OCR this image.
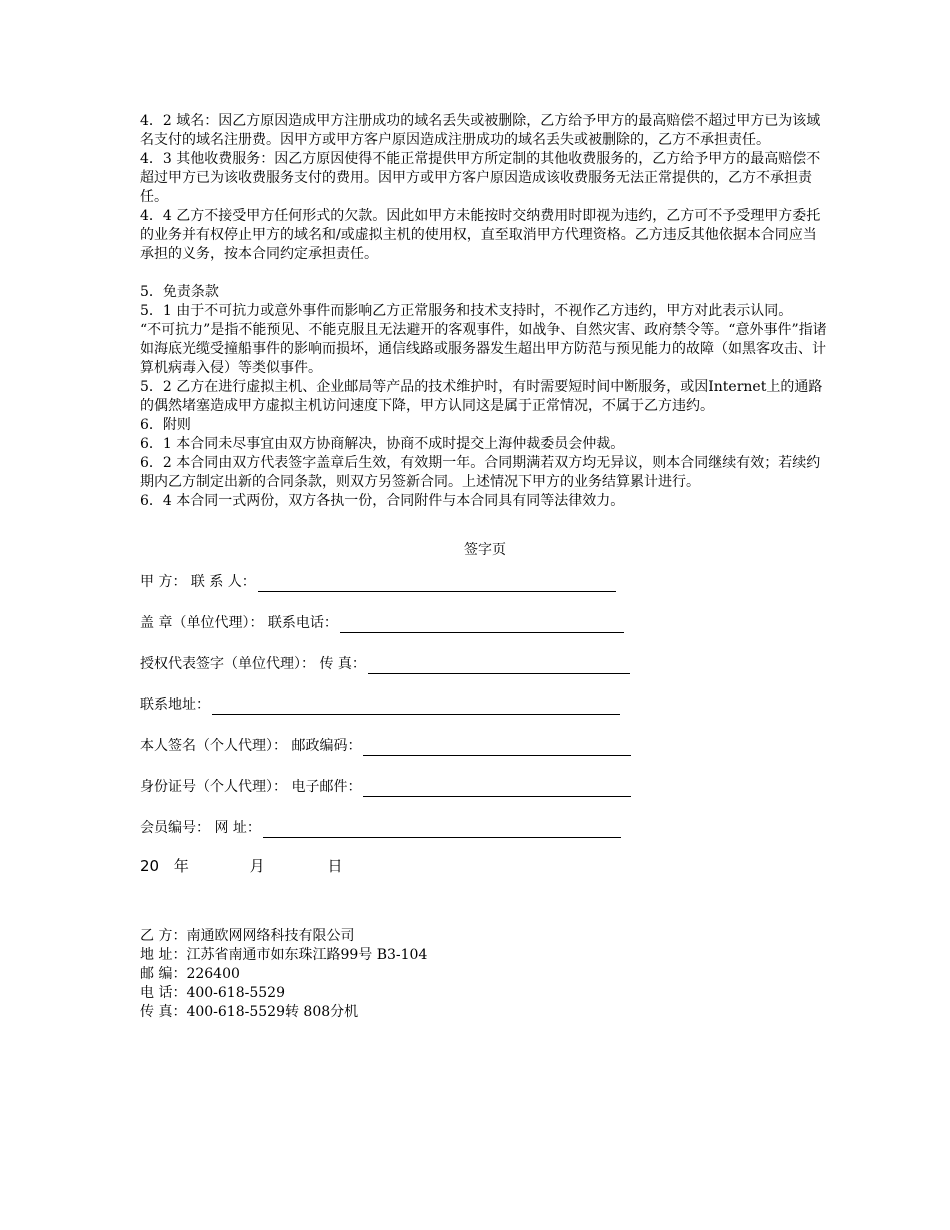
4．2 域名：因乙方原因造成甲方注册成功的域名丢失或被删除，乙方给予甲方的最高赔偿不超过甲方已为该域名支付的域名注册费。因甲方或甲方客户原因造成注册成功的域名丢失或被删除的，乙方不承担责任。

4．3 其他收费服务：因乙方原因使得不能正常提供甲方所定制的其他收费服务的，乙方给予甲方的最高赔偿不超过甲方已为该收费服务支付的费用。因甲方或甲方客户原因造成该收费服务无法正常提供的，乙方不承担责任。

4．4 乙方不接受甲方任何形式的欠款。因此如甲方未能按时交纳费用时即视为违约，乙方可不予受理甲方委托的业务并有权停止甲方的域名和/或虚拟主机的使用权，直至取消甲方代理资格。乙方违反其他依据本合同应当承担的义务，按本合同约定承担责任。

5．免责条款

5．1 由于不可抗力或意外事件而影响乙方正常服务和技术支持时，不视作乙方违约，甲方对此表示认同。

“不可抗力”是指不能预见、不能克服且无法避开的客观事件，如战争、自然灾害、政府禁令等。“意外事件”指诸如海底光缆受撞船事件的影响而损坏，通信线路或服务器发生超出甲方防范与预见能力的故障（如黑客攻击、计算机病毒入侵）等类似事件。

5．2 乙方在进行虚拟主机、企业邮局等产品的技术维护时，有时需要短时间中断服务，或因Internet上的通路的偶然堵塞造成甲方虚拟主机访问速度下降，甲方认同这是属于正常情况，不属于乙方违约。

6．附则

6．1 本合同未尽事宜由双方协商解决，协商不成时提交上海仲裁委员会仲裁。

6．2 本合同由双方代表签字盖章后生效，有效期一年。合同期满若双方均无异议，则本合同继续有效；若续约期内乙方制定出新的合同条款，则双方另签新合同。上述情况下甲方的业务结算累计进行。

6．4 本合同一式两份，双方各执一份，合同附件与本合同具有同等法律效力。

签字页
甲 方： 联 系 人：
盖 章（单位代理）： 联系电话：
授权代表签字（单位代理）： 传 真：
联系地址：
本人签名（个人代理）： 邮政编码：
身份证号（个人代理）： 电子邮件：
会员编号： 网 址：
20 年	月	日

乙 方：南通欧网网络科技有限公司

地 址：江苏省南通市如东珠江路99号 B3-104

邮 编：226400

电 话：400-618-5529

传 真：400-618-5529转 808分机
